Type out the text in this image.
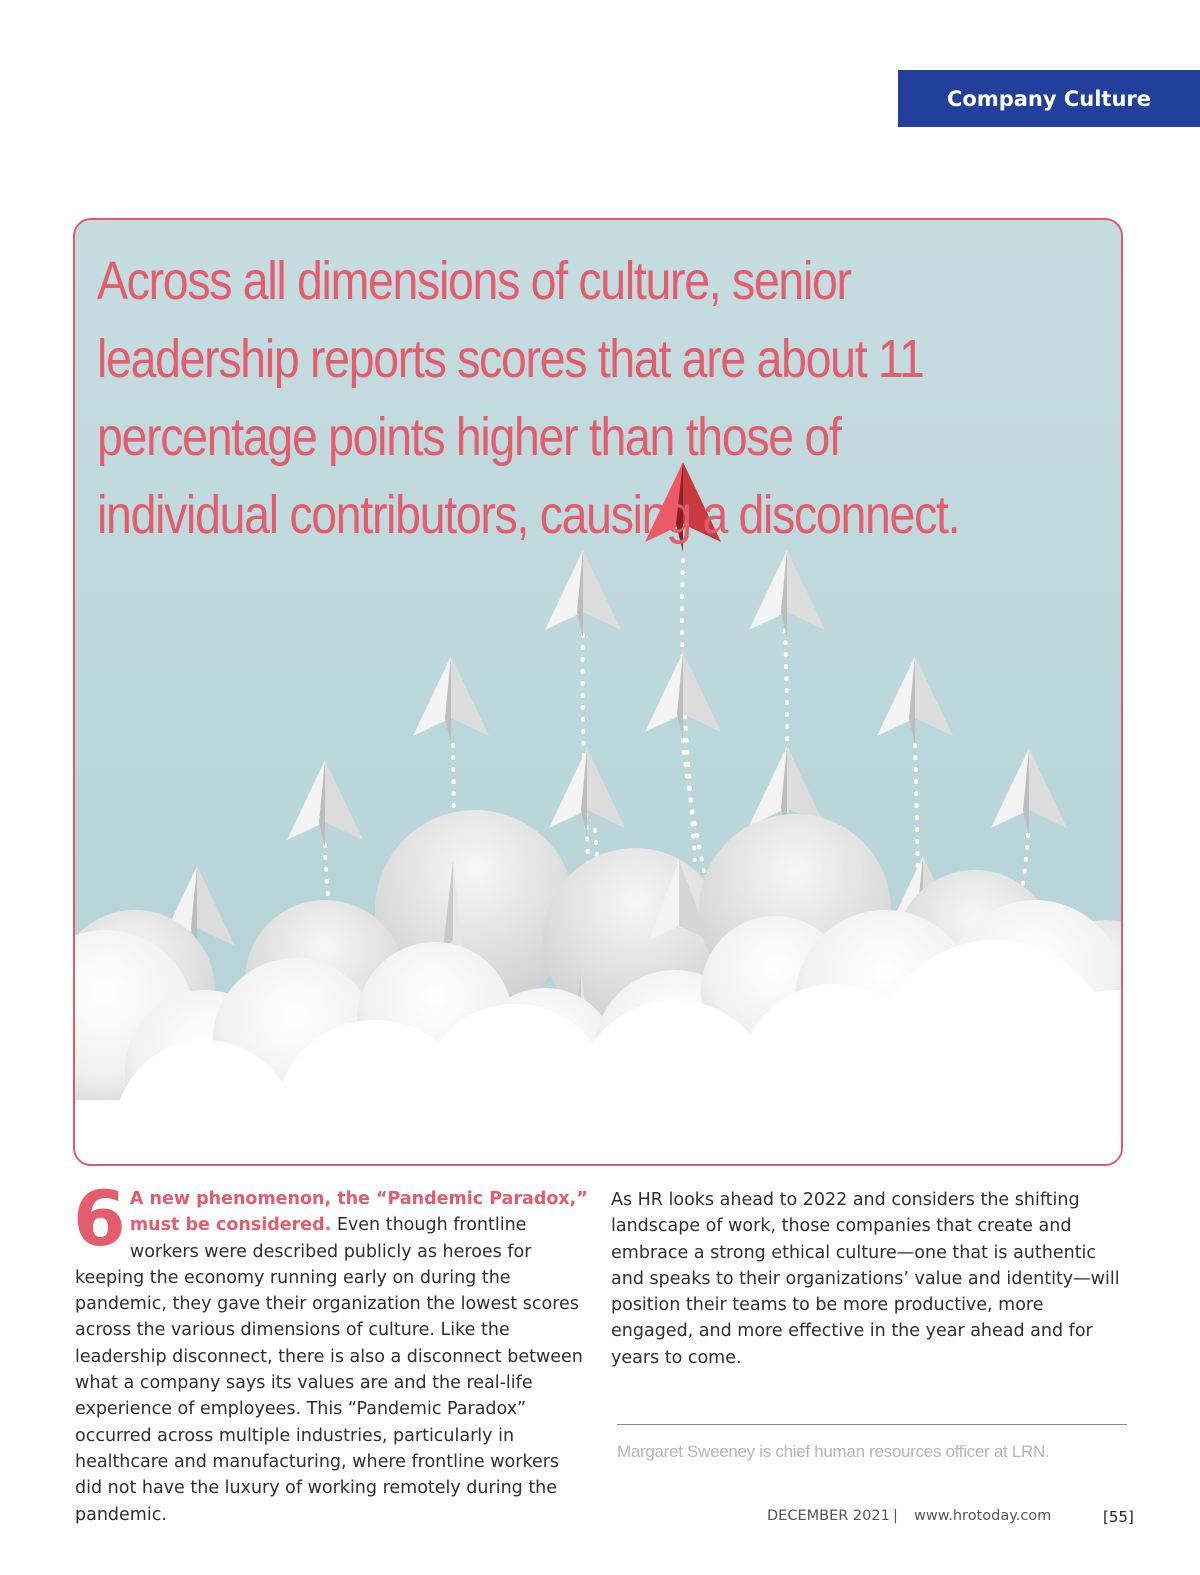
Company Culture

Across all dimensions of culture, senior leadership reports scores that are about 11 percentage points higher than those of individual contributors, causing a disconnect.

6 A new phenomenon, the “Pandemic Paradox,” must be considered. Even though frontline workers were described publicly as heroes for keeping the economy running early on during the pandemic, they gave their organization the lowest scores across the various dimensions of culture. Like the leadership disconnect, there is also a disconnect between what a company says its values are and the real-life experience of employees. This “Pandemic Paradox” occurred across multiple industries, particularly in healthcare and manufacturing, where frontline workers did not have the luxury of working remotely during the pandemic.

As HR looks ahead to 2022 and considers the shifting landscape of work, those companies that create and embrace a strong ethical culture—one that is authentic and speaks to their organizations’ value and identity—will position their teams to be more productive, more engaged, and more effective in the year ahead and for years to come.

Margaret Sweeney is chief human resources officer at LRN.
DECEMBER 2021 | www.hrotoday.com	[55]
